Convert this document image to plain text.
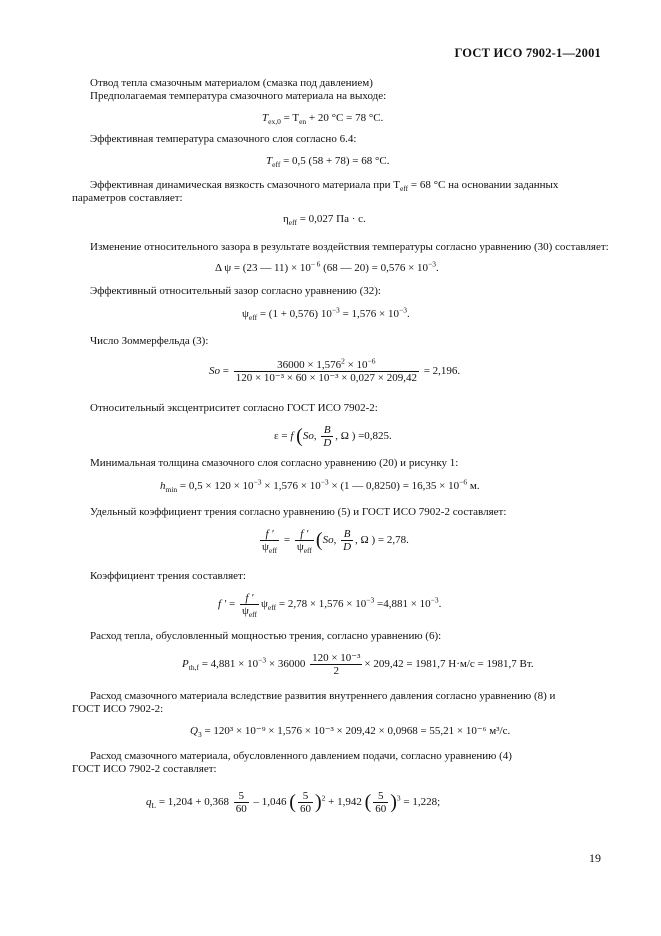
ГОСТ ИСО 7902-1—2001
Отвод тепла смазочным материалом (смазка под давлением)
Предполагаемая температура смазочного материала на выходе:
$T_{ex,0} = T_{en} + 20$ °С = 78 °С.
Эффективная температура смазочного слоя согласно 6.4:
$T_{eff} = 0,5$ (58 + 78) = 68 °С.
Эффективная динамическая вязкость смазочного материала при $T_{eff} = 68$ °С на основании заданных
параметров составляет:
$\eta_{eff} = 0,027$ Па · с.
Изменение относительного зазора в результате воздействия температуры согласно уравнению (30) составляет:
Δ ψ = (23 — $11) \times 10^{- 6}$ (68 — $20) = 0,576 \times 10^{-3}$.
Эффективный относительный зазор согласно уравнению (32):
$\psi_{eff} = (1 + 0,576) 10^{-3} = 1,576 \times 10^{-3}$.
Число Зоммерфельда (3):
$So = \frac{36000 \times 1,576^2 \times 10^{-6}}{\text{120 × 10⁻³ × 60 × 10⁻³ × 0,027 × 209,42}} = 2,196$.
Относительный эксцентриситет согласно ГОСТ ИСО 7902-2:
ε = f (So, $\frac{B}{D}$ , Ω ) =0,825.
Минимальная толщина смазочного слоя согласно уравнению (20) и рисунку 1:
$h_{min} = 0,5 \times 120 \times 10^{-3} \times 1,576 \times 10^{-3} \times (1$ — $0,8250) = 16,35 \times 10^{-6}$ м.
Удельный коэффициент трения согласно уравнению (5) и ГОСТ ИСО 7902-2 составляет:
$\frac{f '}{\psi_{eff}} = \frac{f '}{\psi_{eff}} (So$, $\frac{B}{D}$ , Ω ) = 2,78.
Коэффициент трения составляет:
f ′ = $\frac{f '}{\psi_{eff}} \psi_{eff} = 2,78 \times 1,576 \times 10^{-3} =4,881 \times 10^{-3}$.
Расход тепла, обусловленный мощностью трения, согласно уравнению (6):
$P_{th,f} = 4,881 \times 10^{-3} \times 36000 \frac{\text{120 × 10⁻³}}{2} \times 209,42 = 1981,7$ Н·м/с = 1981,7 Вт.
Расход смазочного материала вследствие развития внутреннего давления согласно уравнению (8) и
ГОСТ ИСО 7902-2:
$Q_3 = 120^3 \times 10^{-9} \times 1,576 \times 10^{-3} \times 209,42 \times 0,0968 = 55,21 \times 10^{-6}$ м³/с.
Расход смазочного материала, обусловленного давлением подачи, согласно уравнению (4)
ГОСТ ИСО 7902-2 составляет:
$q_L = 1,204 + 0,368 \frac{5}{60} - 1,046$ ( $\frac{5}{60} )^2 + 1,942$ ( $\frac{5}{60} )^3 = 1,228$;
19
